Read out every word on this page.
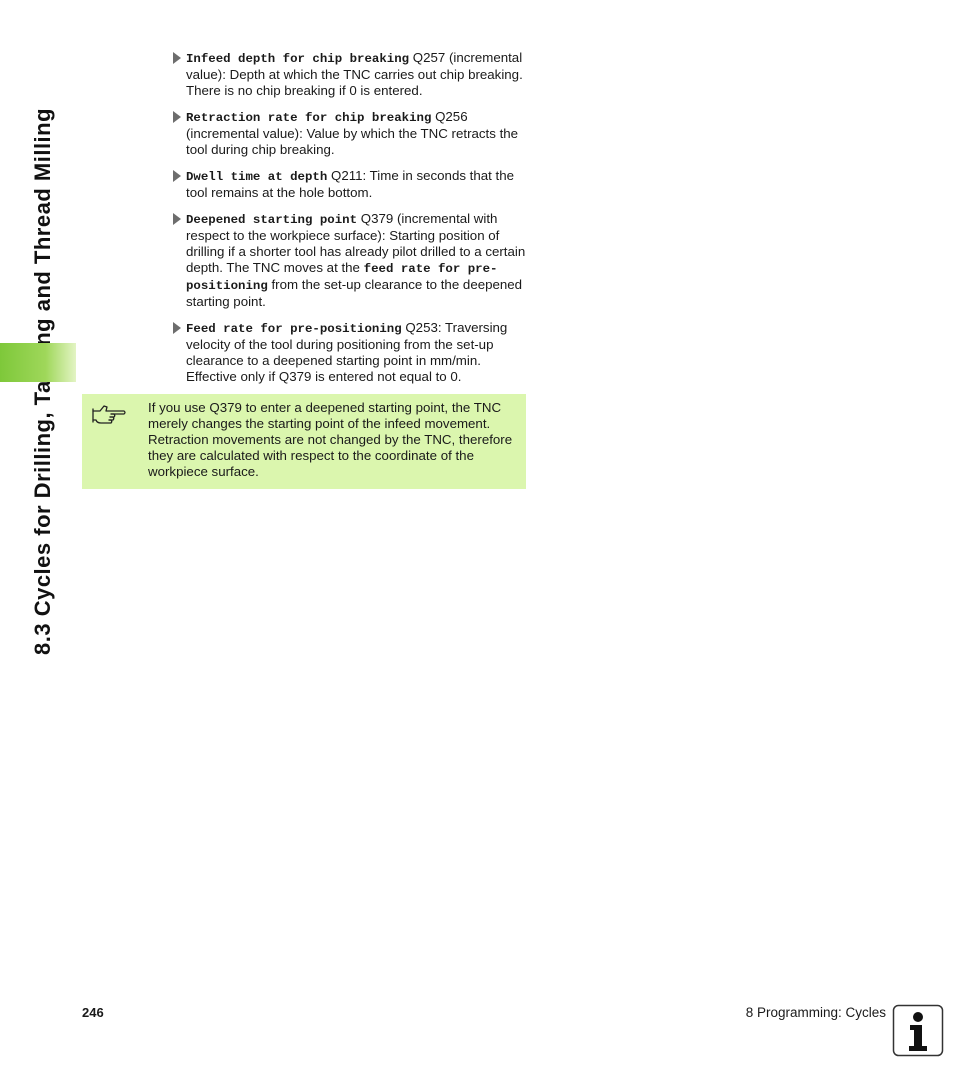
Infeed depth for chip breaking Q257 (incremental value): Depth at which the TNC carries out chip breaking. There is no chip breaking if 0 is entered.
Retraction rate for chip breaking Q256 (incremental value): Value by which the TNC retracts the tool during chip breaking.
Dwell time at depth Q211: Time in seconds that the tool remains at the hole bottom.
Deepened starting point Q379 (incremental with respect to the workpiece surface): Starting position of drilling if a shorter tool has already pilot drilled to a certain depth. The TNC moves at the feed rate for pre-positioning from the set-up clearance to the deepened starting point.
Feed rate for pre-positioning Q253: Traversing velocity of the tool during positioning from the set-up clearance to a deepened starting point in mm/min. Effective only if Q379 is entered not equal to 0.
If you use Q379 to enter a deepened starting point, the TNC merely changes the starting point of the infeed movement. Retraction movements are not changed by the TNC, therefore they are calculated with respect to the coordinate of the workpiece surface.
246	8 Programming: Cycles
